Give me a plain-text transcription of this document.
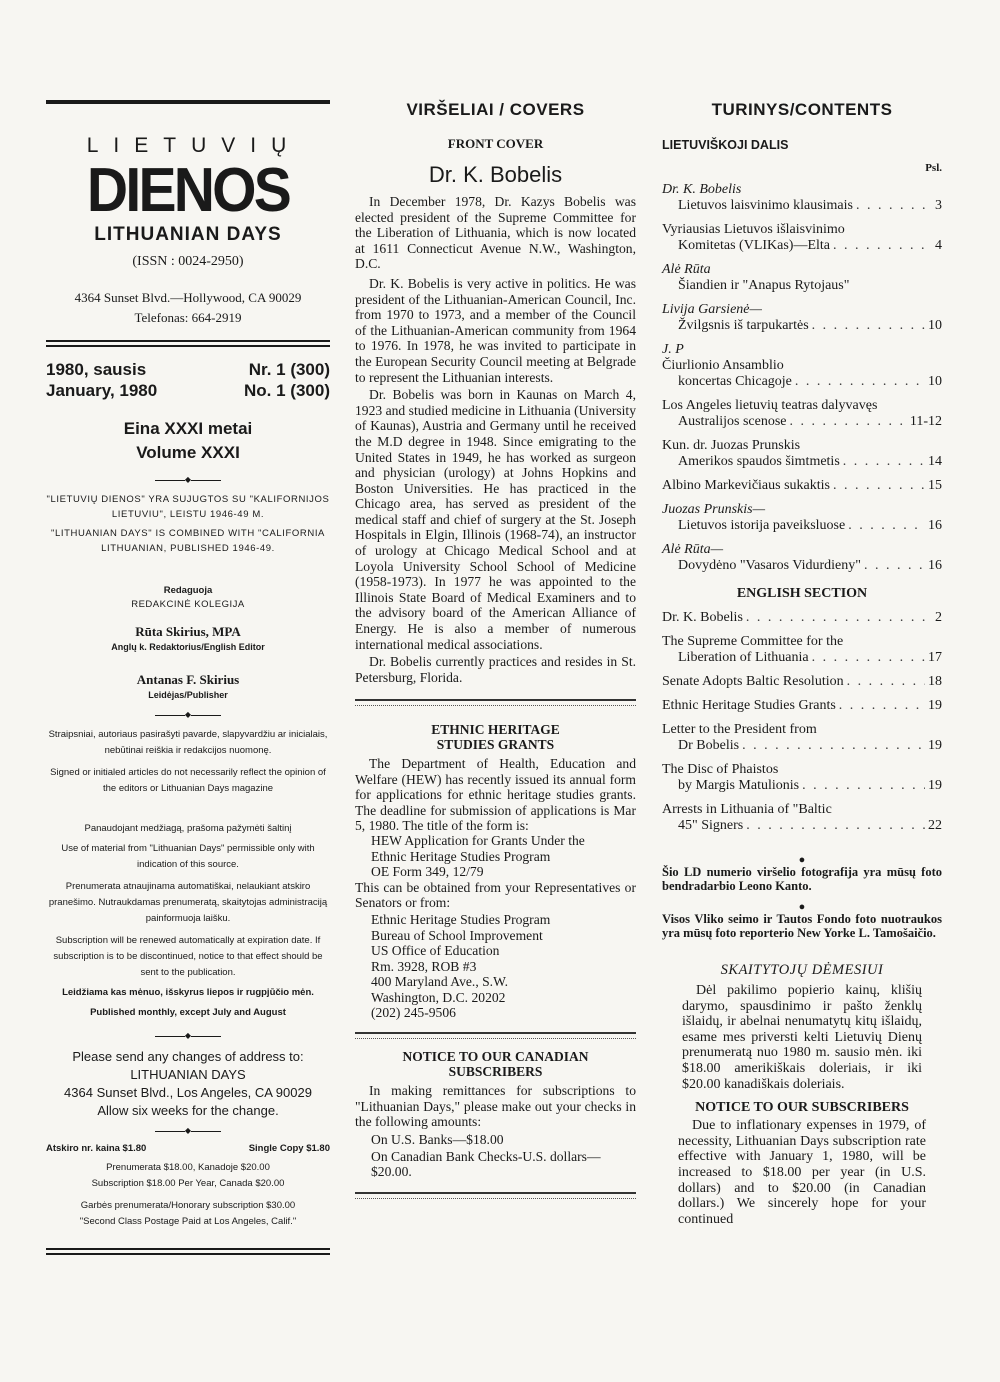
LIETUVIŲ
DIENOS
LITHUANIAN DAYS
(ISSN : 0024-2950)
4364 Sunset Blvd.—Hollywood, CA 90029
Telefonas: 664-2919
1980, sausis	Nr. 1 (300)
January, 1980	No. 1 (300)
Eina XXXI metai
Volume XXXI
◆
"LIETUVIŲ DIENOS" YRA SUJUGTOS SU "KALIFORNIJOS LIETUVIU", LEISTU 1946-49 M.
"LITHUANIAN DAYS" IS COMBINED WITH "CALIFORNIA LITHUANIAN, PUBLISHED 1946-49.
Redaguoja
REDAKCINĖ KOLEGIJA
Rūta Skirius, MPA
Anglų k. Redaktorius/English Editor
Antanas F. Skirius
Leidėjas/Publisher
◆
Straipsniai, autoriaus pasirašyti pavarde, slapyvardžiu ar inicialais, nebūtinai reiškia ir redakcijos nuomonę.
Signed or initialed articles do not necessarily reflect the opinion of the editors or Lithuanian Days magazine
Panaudojant medžiagą, prašoma pažymėti šaltinį
Use of material from "Lithuanian Days" permissible only with indication of this source.
Prenumerata atnaujinama automatiškai, nelaukiant atskiro pranešimo. Nutraukdamas prenumeratą, skaitytojas administraciją painformuoja laišku.
Subscription will be renewed automatically at expiration date. If subscription is to be discontinued, notice to that effect should be sent to the publication.
Leidžiama kas mėnuo, išskyrus liepos ir rugpjūčio mėn.
Published monthly, except July and August
◆
Please send any changes of address to:
LITHUANIAN DAYS
4364 Sunset Blvd., Los Angeles, CA 90029
Allow six weeks for the change.
◆
Atskiro nr. kaina $1.80	Single Copy $1.80
Prenumerata $18.00, Kanadoje $20.00
Subscription $18.00 Per Year, Canada $20.00
Garbės prenumerata/Honorary subscription $30.00
"Second Class Postage Paid at Los Angeles, Calif."
VIRŠELIAI / COVERS
FRONT COVER
Dr. K. Bobelis

In December 1978, Dr. Kazys Bobelis was elected president of the Supreme Committee for the Liberation of Lithuania, which is now located at 1611 Connecticut Avenue N.W., Washington, D.C.

Dr. K. Bobelis is very active in politics. He was president of the Lithuanian-American Council, Inc. from 1970 to 1973, and a member of the Council of the Lithuanian-American community from 1964 to 1976. In 1978, he was invited to participate in the European Security Council meeting at Belgrade to represent the Lithuanian interests.

Dr. Bobelis was born in Kaunas on March 4, 1923 and studied medicine in Lithuania (University of Kaunas), Austria and Germany until he received the M.D degree in 1948. Since emigrating to the United States in 1949, he has worked as surgeon and physician (urology) at Johns Hopkins and Boston Universities. He has practiced in the Chicago area, has served as president of the medical staff and chief of surgery at the St. Joseph Hospitals in Elgin, Illinois (1968-74), an instructor of urology at Chicago Medical School and at Loyola University School School of Medicine (1958-1973). In 1977 he was appointed to the Illinois State Board of Medical Examiners and to the advisory board of the American Alliance of Energy. He is also a member of numerous international medical associations.

Dr. Bobelis currently practices and resides in St. Petersburg, Florida.

ETHNIC HERITAGE
STUDIES GRANTS

The Department of Health, Education and Welfare (HEW) has recently issued its annual form for applications for ethnic heritage studies grants. The deadline for submission of applications is Mar 5, 1980. The title of the form is:

HEW Application for Grants Under the
Ethnic Heritage Studies Program
OE Form 349, 12/79

This can be obtained from your Representatives or Senators or from:

Ethnic Heritage Studies Program
Bureau of School Improvement
US Office of Education
Rm. 3928, ROB #3
400 Maryland Ave., S.W.
Washington, D.C. 20202
(202) 245-9506
NOTICE TO OUR CANADIAN
SUBSCRIBERS

In making remittances for subscriptions to "Lithuanian Days," please make out your checks in the following amounts:

On U.S. Banks—$18.00

On Canadian Bank Checks-U.S. dollars—$20.00.

TURINYS/CONTENTS
LIETUVIŠKOJI DALIS
Psl.
Dr. K. Bobelis
Lietuvos laisvinimo klausimais . . .	3
Vyriausias Lietuvos išlaisvinimo
Komitetas (VLIKas)—Elta . . .	4
Alė Rūta
Šiandien ir "Anapus Rytojaus"
Livija Garsienė—
Žvilgsnis iš tarpukartės . . .	10
J. P
Čiurlionio Ansamblio
koncertas Chicagoje . . .	10
Los Angeles lietuvių teatras dalyvavęs
Australijos scenose . . .	11-12
Kun. dr. Juozas Prunskis
Amerikos spaudos šimtmetis . . .	14
Albino Markevičiaus sukaktis . . .	15
Juozas Prunskis—
Lietuvos istorija paveiksluose . . .	16
Alė Rūta—
Dovydėno "Vasaros Vidurdieny" . . .	16
ENGLISH SECTION
Dr. K. Bobelis . . .	2
The Supreme Committee for the
Liberation of Lithuania . . .	17
Senate Adopts Baltic Resolution . . .	18
Ethnic Heritage Studies Grants . . .	19
Letter to the President from
Dr Bobelis . . .	19
The Disc of Phaistos
by Margis Matulionis . . .	19
Arrests in Lithuania of "Baltic
45" Signers . . .	22
●
Šio LD numerio viršelio fotografija yra mūsų foto bendradarbio Leono Kanto.
●
Visos Vliko seimo ir Tautos Fondo foto nuotraukos yra mūsų foto reporterio New Yorke L. Tamošaičio.
SKAITYTOJŲ DĖMESIUI

Dėl pakilimo popierio kainų, klišių darymo, spausdinimo ir pašto ženklų išlaidų, ir abelnai nenumatytų kitų išlaidų, esame mes priversti kelti Lietuvių Dienų prenumeratą nuo 1980 m. sausio mėn. iki $18.00 amerikiškais doleriais, ir iki $20.00 kanadiškais doleriais.

NOTICE TO OUR SUBSCRIBERS

Due to inflationary expenses in 1979, of necessity, Lithuanian Days subscription rate effective with January 1, 1980, will be increased to $18.00 per year (in U.S. dollars) and to $20.00 (in Canadian dollars.) We sincerely hope for your continued
